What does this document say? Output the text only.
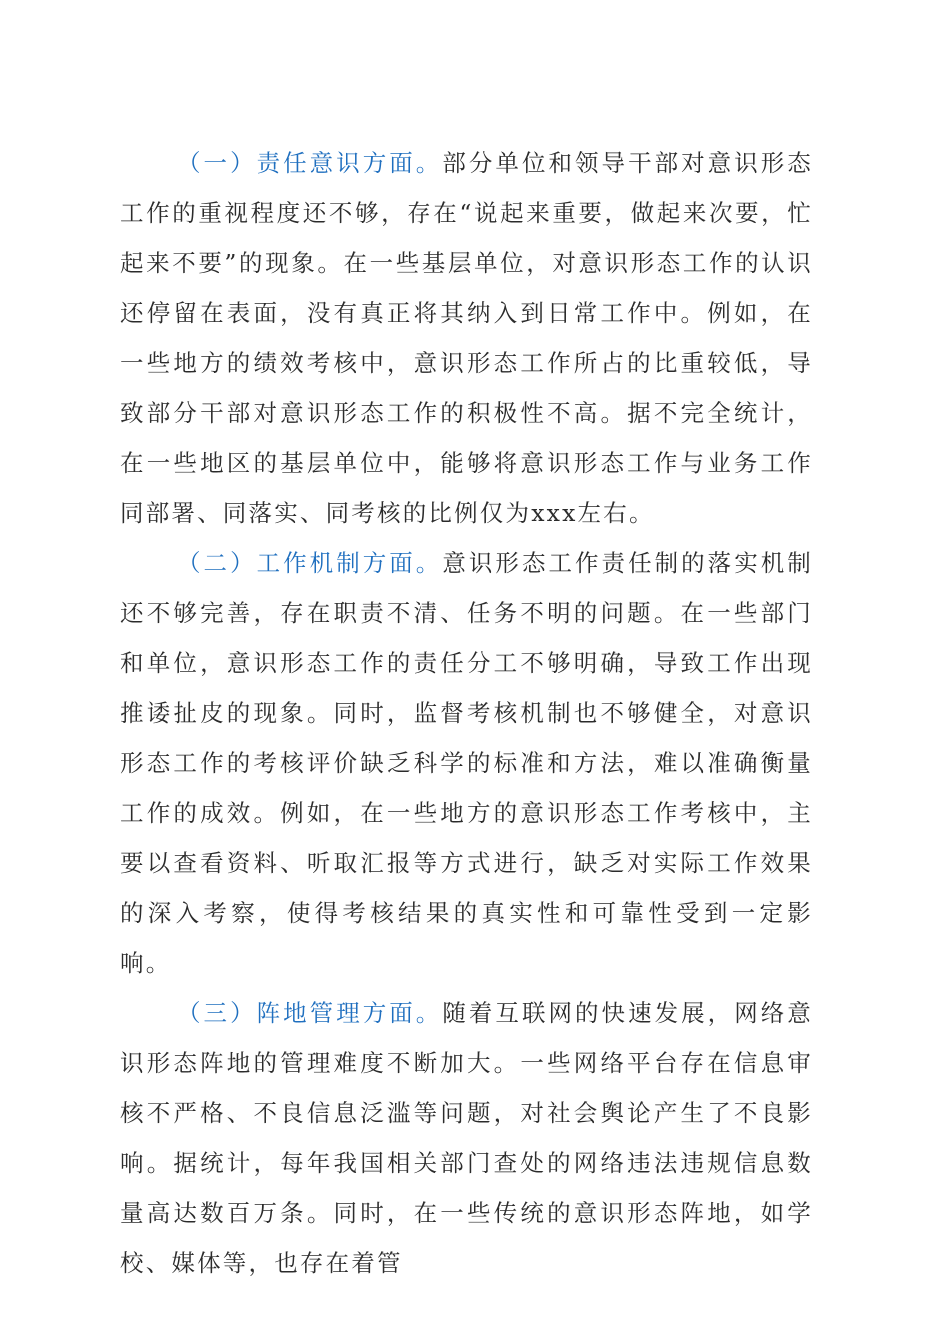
（一）责任意识方面。部分单位和领导干部对意识形态工作的重视程度还不够，存在“说起来重要，做起来次要，忙起来不要”的现象。在一些基层单位，对意识形态工作的认识还停留在表面，没有真正将其纳入到日常工作中。例如，在一些地方的绩效考核中，意识形态工作所占的比重较低，导致部分干部对意识形态工作的积极性不高。据不完全统计，在一些地区的基层单位中，能够将意识形态工作与业务工作同部署、同落实、同考核的比例仅为xxx左右。

（二）工作机制方面。意识形态工作责任制的落实机制还不够完善，存在职责不清、任务不明的问题。在一些部门和单位，意识形态工作的责任分工不够明确，导致工作出现推诿扯皮的现象。同时，监督考核机制也不够健全，对意识形态工作的考核评价缺乏科学的标准和方法，难以准确衡量工作的成效。例如，在一些地方的意识形态工作考核中，主要以查看资料、听取汇报等方式进行，缺乏对实际工作效果的深入考察，使得考核结果的真实性和可靠性受到一定影响。

（三）阵地管理方面。随着互联网的快速发展，网络意识形态阵地的管理难度不断加大。一些网络平台存在信息审核不严格、不良信息泛滥等问题，对社会舆论产生了不良影响。据统计，每年我国相关部门查处的网络违法违规信息数量高达数百万条。同时，在一些传统的意识形态阵地，如学校、媒体等，也存在着管
